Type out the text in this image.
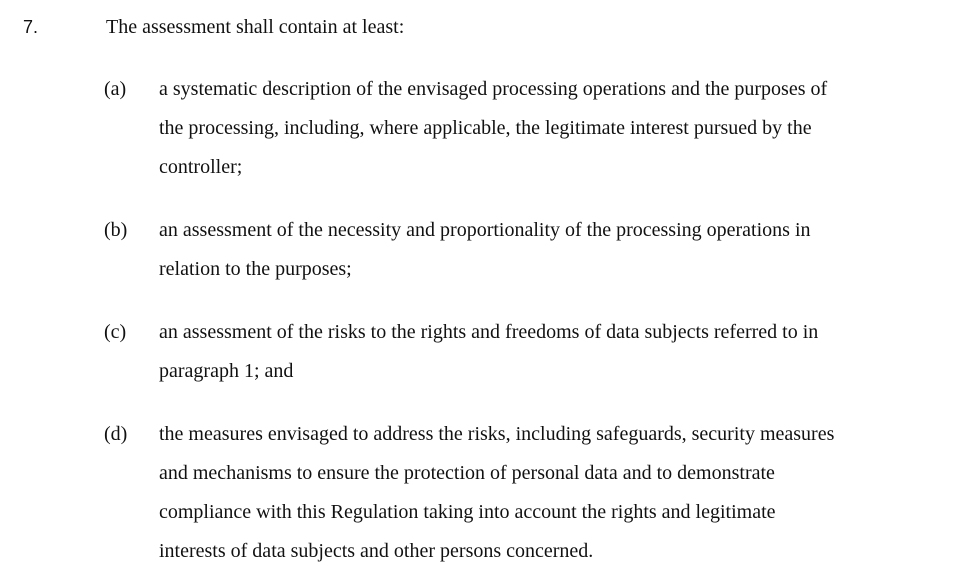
7.	The assessment shall contain at least:
(a) a systematic description of the envisaged processing operations and the purposes of
the processing, including, where applicable, the legitimate interest pursued by the
controller;
(b) an assessment of the necessity and proportionality of the processing operations in
relation to the purposes;
(c) an assessment of the risks to the rights and freedoms of data subjects referred to in
paragraph 1; and
(d) the measures envisaged to address the risks, including safeguards, security measures
and mechanisms to ensure the protection of personal data and to demonstrate
compliance with this Regulation taking into account the rights and legitimate
interests of data subjects and other persons concerned.
